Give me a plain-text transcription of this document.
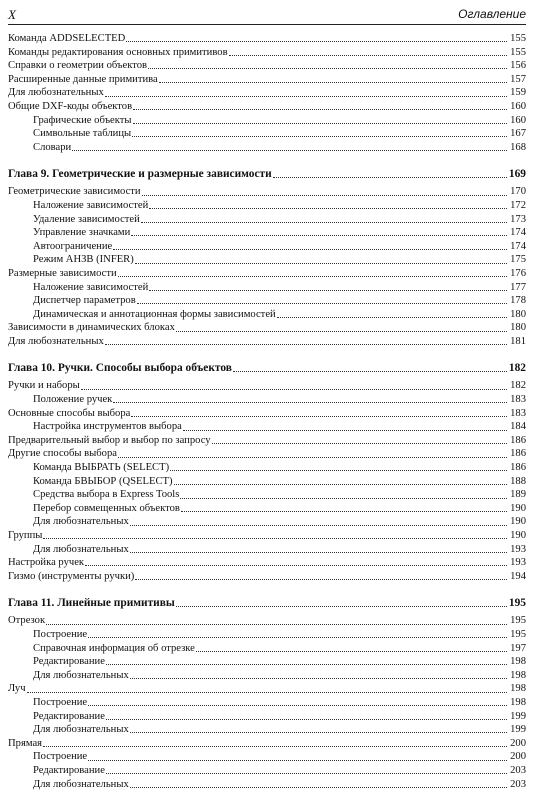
X	Оглавление
Команда ADDSELECTED	155
Команды редактирования основных примитивов	155
Справки о геометрии объектов	156
Расширенные данные примитива	157
Для любознательных	159
Общие DXF-коды объектов	160
Графические объекты	160
Символьные таблицы	167
Словари	168
Глава 9. Геометрические и размерные зависимости	169
Геометрические зависимости	170
Наложение зависимостей	172
Удаление зависимостей	173
Управление значками	174
Автоограничение	174
Режим АНЗВ (INFER)	175
Размерные зависимости	176
Наложение зависимостей	177
Диспетчер параметров	178
Динамическая и аннотационная формы зависимостей	180
Зависимости в динамических блоках	180
Для любознательных	181
Глава 10. Ручки. Способы выбора объектов	182
Ручки и наборы	182
Положение ручек	183
Основные способы выбора	183
Настройка инструментов выбора	184
Предварительный выбор и выбор по запросу	186
Другие способы выбора	186
Команда ВЫБРАТЬ (SELECT)	186
Команда БВЫБОР (QSELECT)	188
Средства выбора в Express Tools	189
Перебор совмещенных объектов	190
Для любознательных	190
Группы	190
Для любознательных	193
Настройка ручек	193
Гизмо (инструменты ручки)	194
Глава 11. Линейные примитивы	195
Отрезок	195
Построение	195
Справочная информация об отрезке	197
Редактирование	198
Для любознательных	198
Луч	198
Построение	198
Редактирование	199
Для любознательных	199
Прямая	200
Построение	200
Редактирование	203
Для любознательных	203
